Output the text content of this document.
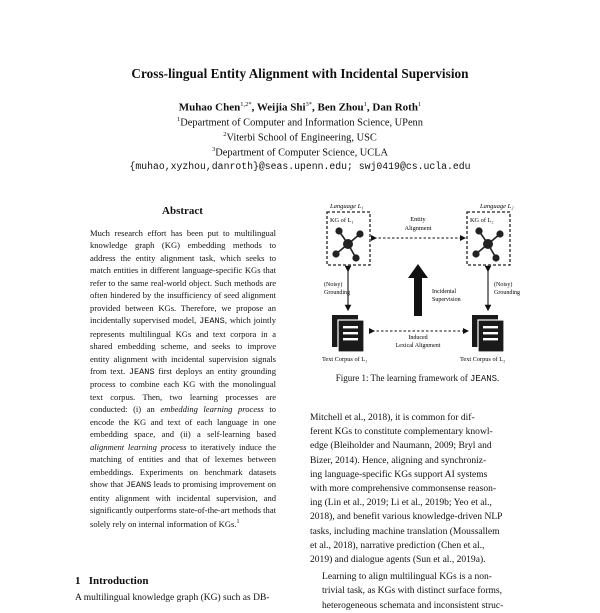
Cross-lingual Entity Alignment with Incidental Supervision
Muhao Chen$^{1,2*}$, Weijia Shi$^{3*}$, Ben Zhou$^1$, Dan Roth$^1$
$^1$Department of Computer and Information Science, UPenn
$^2$Viterbi School of Engineering, USC
$^3$Department of Computer Science, UCLA
{muhao,xyzhou,danroth}@seas.upenn.edu; swj0419@cs.ucla.edu
Abstract
Much research effort has been put to multilingual knowledge graph (KG) embedding methods to address the entity alignment task, which seeks to match entities in different language-specific KGs that refer to the same real-world object. Such methods are often hindered by the insufficiency of seed alignment provided between KGs. Therefore, we propose an incidentally supervised model, JEANS, which jointly represents multilingual KGs and text corpora in a shared embedding scheme, and seeks to improve entity alignment with incidental supervision signals from text. JEANS first deploys an entity grounding process to combine each KG with the monolingual text corpus. Then, two learning processes are conducted: (i) an embedding learning process to encode the KG and text of each language in one embedding space, and (ii) a self-learning based alignment learning process to iteratively induce the matching of entities and that of lexemes between embeddings. Experiments on benchmark datasets show that JEANS leads to promising improvement on entity alignment with incidental supervision, and significantly outperforms state-of-the-art methods that solely rely on internal information of KGs.$^1$
1 Introduction
A multilingual knowledge graph (KG) such as DB-
Language L₁	Language L₂
KG of L₁	KG of L₂
Entity
Alignment
(Noisy)
Grounding
(Noisy)
Grounding
Incidental
Supervision
Induced
Lexical Alignment
Text Corpus of L₁	Text Corpus of L₂
Figure 1: The learning framework of JEANS.

Mitchell et al., 2018), it is common for dif-
ferent KGs to constitute complementary knowl-
edge (Bleiholder and Naumann, 2009; Bryl and
Bizer, 2014). Hence, aligning and synchroniz-
ing language-specific KGs support AI systems
with more comprehensive commonsense reason-
ing (Lin et al., 2019; Li et al., 2019b; Yeo et al.,
2018), and benefit various knowledge-driven NLP
tasks, including machine translation (Moussallem
et al., 2018), narrative prediction (Chen et al.,
2019) and dialogue agents (Sun et al., 2019a).

Learning to align multilingual KGs is a non-
trivial task, as KGs with distinct surface forms,
heterogeneous schemata and inconsistent struc-
